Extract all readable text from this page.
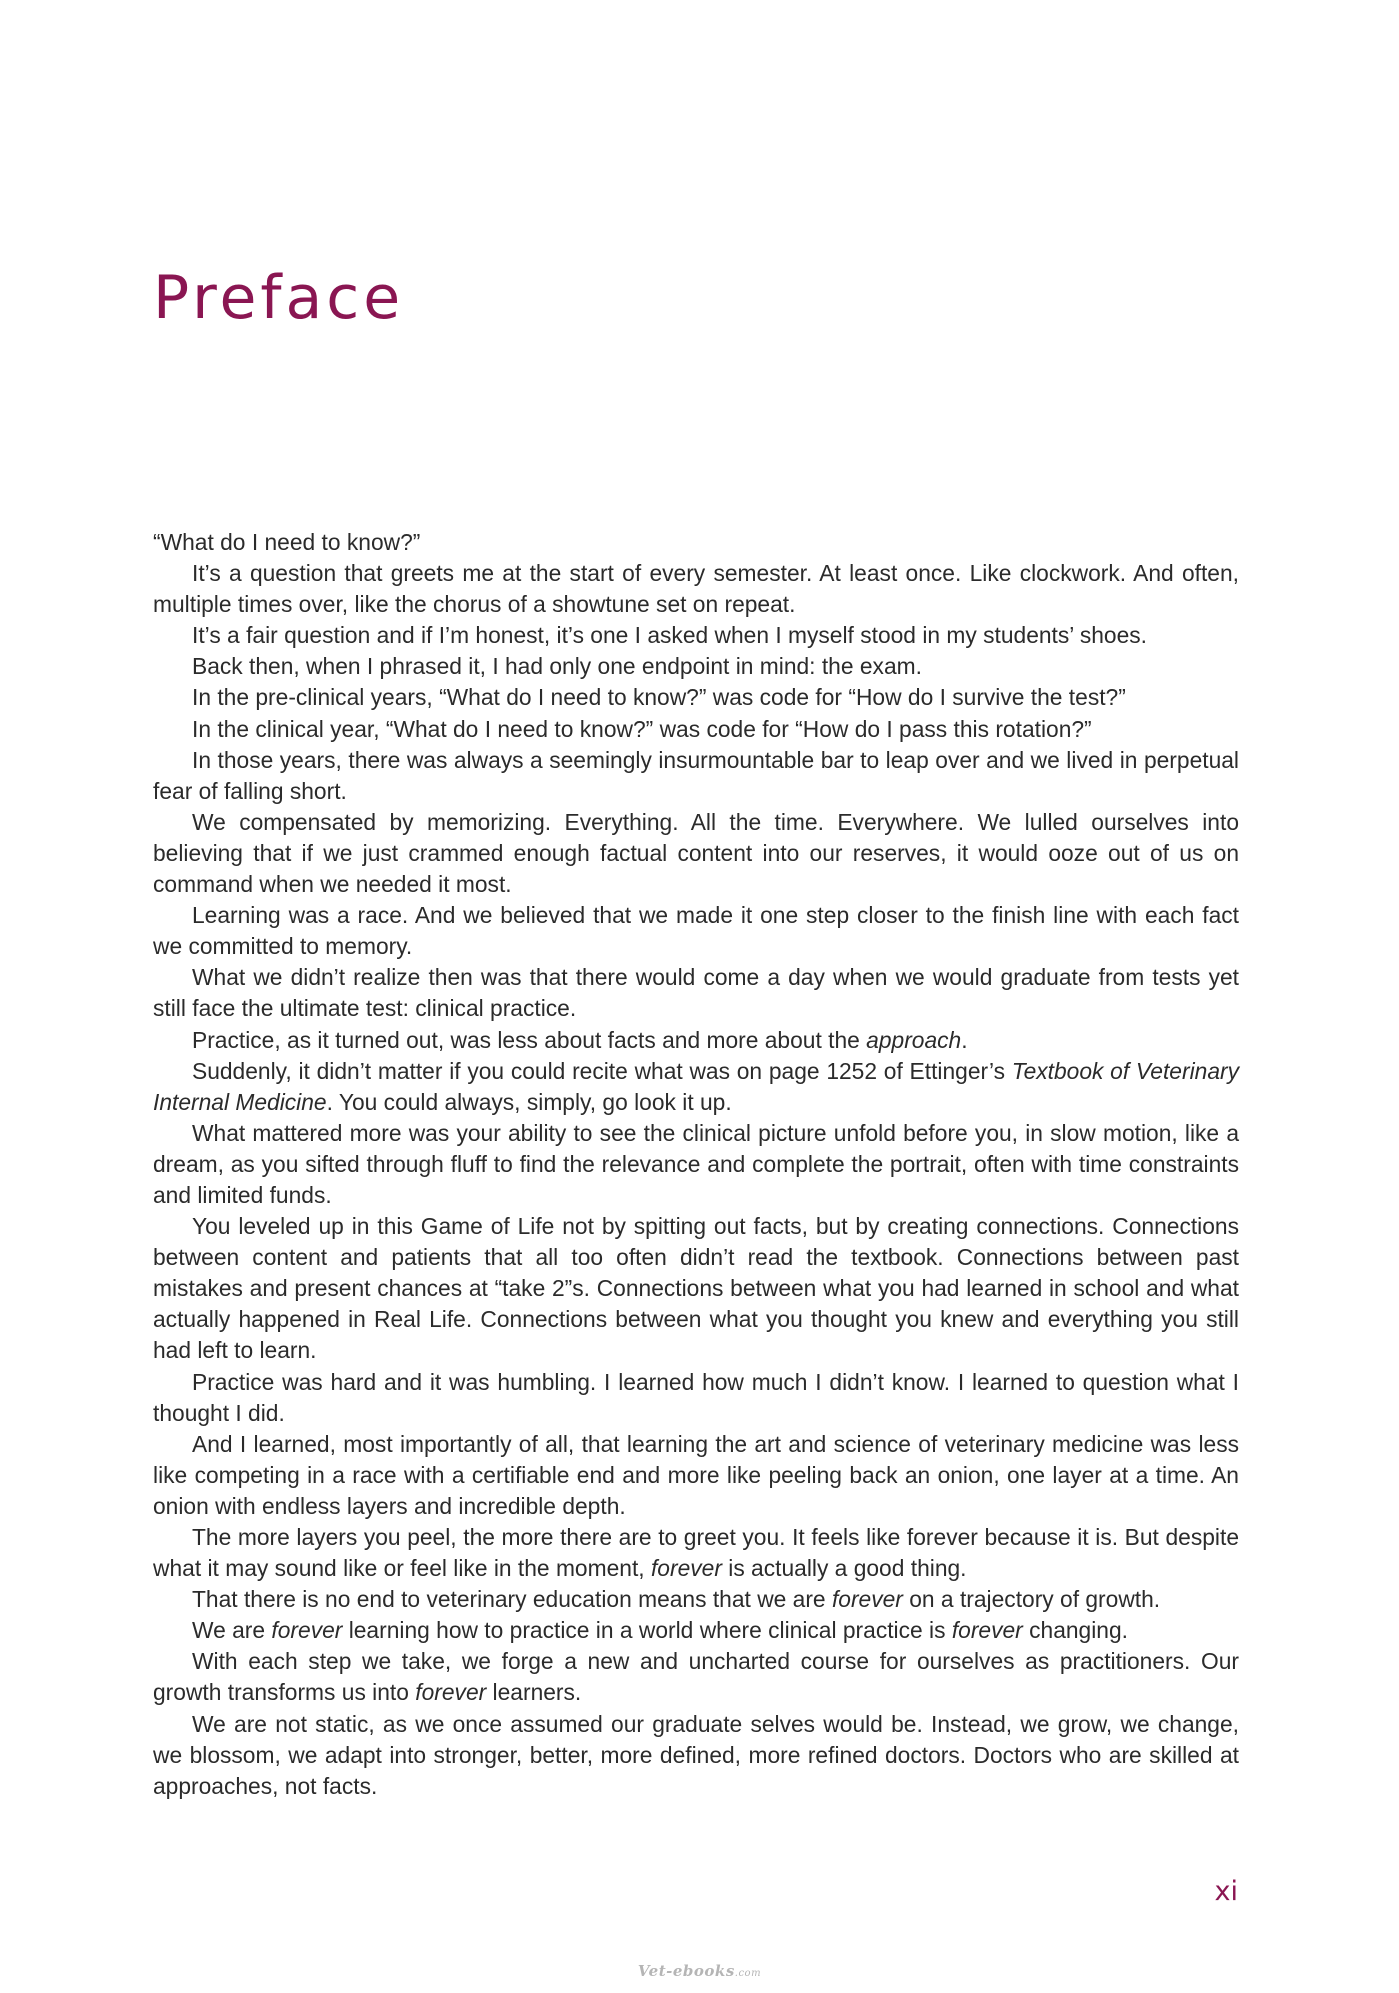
Preface

“What do I need to know?”

It’s a question that greets me at the start of every semester. At least once. Like clockwork. And often, multiple times over, like the chorus of a showtune set on repeat.

It’s a fair question and if I’m honest, it’s one I asked when I myself stood in my students’ shoes.

Back then, when I phrased it, I had only one endpoint in mind: the exam.

In the pre-clinical years, “What do I need to know?” was code for “How do I survive the test?”

In the clinical year, “What do I need to know?” was code for “How do I pass this rotation?”

In those years, there was always a seemingly insurmountable bar to leap over and we lived in perpetual fear of falling short.

We compensated by memorizing. Everything. All the time. Everywhere. We lulled ourselves into believing that if we just crammed enough factual content into our reserves, it would ooze out of us on command when we needed it most.

Learning was a race. And we believed that we made it one step closer to the finish line with each fact we committed to memory.

What we didn’t realize then was that there would come a day when we would graduate from tests yet still face the ultimate test: clinical practice.

Practice, as it turned out, was less about facts and more about the approach.

Suddenly, it didn’t matter if you could recite what was on page 1252 of Ettinger’s Textbook of Veterinary Internal Medicine. You could always, simply, go look it up.

What mattered more was your ability to see the clinical picture unfold before you, in slow motion, like a dream, as you sifted through fluff to find the relevance and complete the portrait, often with time constraints and limited funds.

You leveled up in this Game of Life not by spitting out facts, but by creating connections. Connections between content and patients that all too often didn’t read the textbook. Connections between past mistakes and present chances at “take 2”s. Connections between what you had learned in school and what actually happened in Real Life. Connections between what you thought you knew and everything you still had left to learn.

Practice was hard and it was humbling. I learned how much I didn’t know. I learned to question what I thought I did.

And I learned, most importantly of all, that learning the art and science of veterinary medicine was less like competing in a race with a certifiable end and more like peeling back an onion, one layer at a time. An onion with endless layers and incredible depth.

The more layers you peel, the more there are to greet you. It feels like forever because it is. But despite what it may sound like or feel like in the moment, forever is actually a good thing.

That there is no end to veterinary education means that we are forever on a trajectory of growth.

We are forever learning how to practice in a world where clinical practice is forever changing.

With each step we take, we forge a new and uncharted course for ourselves as practitioners. Our growth transforms us into forever learners.

We are not static, as we once assumed our graduate selves would be. Instead, we grow, we change, we blossom, we adapt into stronger, better, more defined, more refined doctors. Doctors who are skilled at approaches, not facts.

xi
Vet-ebooks.com
